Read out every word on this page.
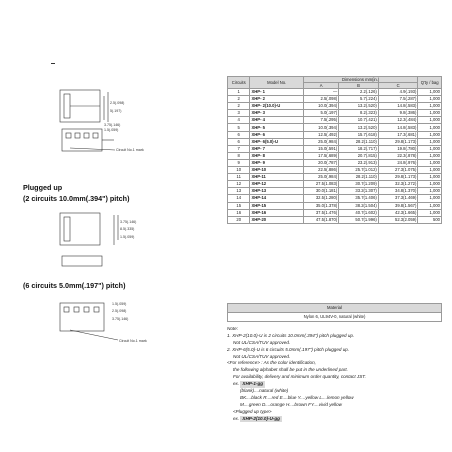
2.5(.098)
5(.197)
3.75(.146)
1.5(.059)
Circuit No.1 mark
3.75(.146)
8.5(.335)
1.5(.059)
1.5(.059)
2.5(.098)
3.75(.146)
Circuit No.1 mark
Plugged up
(2 circuits 10.0mm(.394") pitch)
(6 circuits 5.0mm(.197") pitch)
Circuits	Model No.	Dimensions mm(in.)			Q'ty / bag
		A	B	C	
1	XHP- 1	—	2.2(.126)	4.9(.193)	1,000
2	XHP- 2	2.5(.098)	5.7(.224)	7.5(.287)	1,000
2	XHP- 2(10.0)-U	10.0(.394)	13.2(.520)	14.8(.583)	1,000
3	XHP- 3	5.0(.197)	8.2(.323)	9.8(.386)	1,000
4	XHP- 4	7.5(.295)	10.7(.421)	12.3(.484)	1,000
5	XHP- 5	10.0(.394)	13.2(.520)	14.8(.583)	1,000
6	XHP- 6	12.5(.492)	15.7(.618)	17.3(.681)	1,000
6	XHP- 6(5.0)-U	25.0(.984)	28.2(1.110)	29.8(1.173)	1,000
7	XHP- 7	15.0(.591)	18.2(.717)	19.8(.780)	1,000
8	XHP- 8	17.5(.689)	20.7(.815)	22.3(.878)	1,000
9	XHP- 9	20.0(.787)	23.2(.913)	24.8(.976)	1,000
10	XHP-10	22.5(.886)	25.7(1.012)	27.3(1.075)	1,000
11	XHP-11	25.0(.984)	28.2(1.110)	29.8(1.173)	1,000
12	XHP-12	27.5(1.083)	30.7(1.209)	32.3(1.272)	1,000
13	XHP-13	30.0(1.181)	33.2(1.307)	34.8(1.370)	1,000
14	XHP-14	32.5(1.280)	35.7(1.406)	37.3(1.469)	1,000
15	XHP-15	35.0(1.378)	38.2(1.504)	39.8(1.567)	1,000
16	XHP-16	37.5(1.476)	40.7(1.602)	42.3(1.665)	1,000
20	XHP-20	47.5(1.870)	50.7(1.996)	52.3(2.059)	500
Material
Nylon 6, UL94V-0, natural (white)
Note:
1. XHP-2(10.0)-U is 2 circuits 10.0mm(.394") pitch plugged up.
Not UL/CSA/TUV approved.
2. XHP-6(5.0)-U is 6 circuits 5.0mm(.197") pitch plugged up.
Not UL/CSA/TUV approved.
<For reference> : As the color identification,
the following alphabet shall be put in the underlined part.
For availability, delivery and minimum order quantity, contact JST.
ex. XHP-1-gg
(blank)....natural (white)
BK....black R....red E....blue Y....yellow L....lemon yellow
M....green D....orange H....brown FY....vivid yellow
<Plugged up type>
ex. XHP-2(10.0)-U-gg
